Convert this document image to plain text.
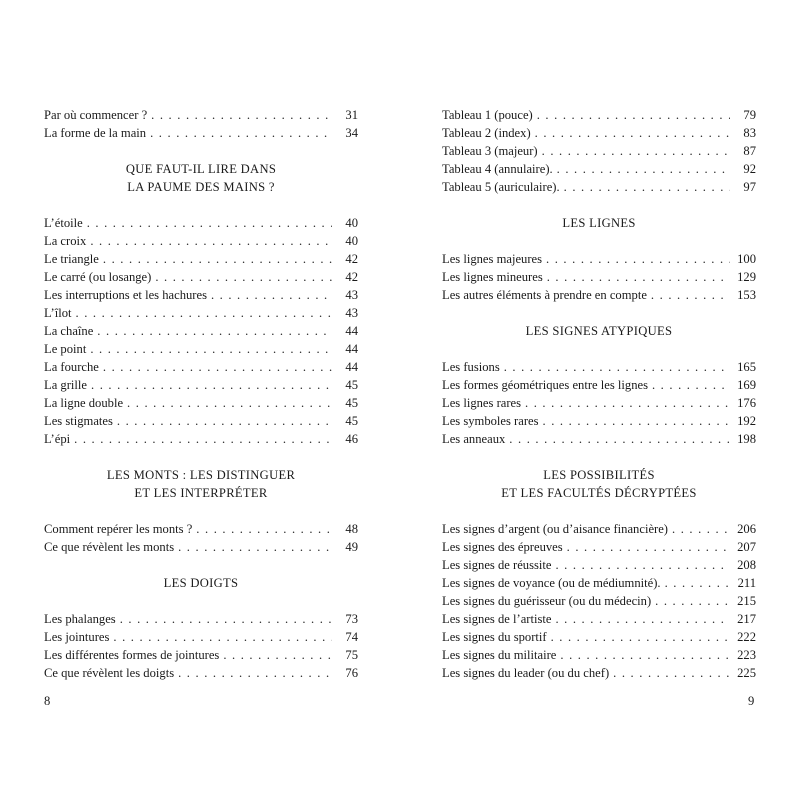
Par où commencer ? . . .	31
La forme de la main . . .	34
QUE FAUT-IL LIRE DANS
LA PAUME DES MAINS ?
L’étoile . . .	40
La croix . . .	40
Le triangle . . .	42
Le carré (ou losange) . . .	42
Les interruptions et les hachures . . .	43
L’îlot . . .	43
La chaîne . . .	44
Le point . . .	44
La fourche . . .	44
La grille . . .	45
La ligne double . . .	45
Les stigmates . . .	45
L’épi . . .	46
LES MONTS : LES DISTINGUER
ET LES INTERPRÉTER
Comment repérer les monts ? . . .	48
Ce que révèlent les monts . . .	49
LES DOIGTS
Les phalanges . . .	73
Les jointures . . .	74
Les différentes formes de jointures . . .	75
Ce que révèlent les doigts . . .	76
Tableau 1 (pouce) . . .	79
Tableau 2 (index) . . .	83
Tableau 3 (majeur) . . .	87
Tableau 4 (annulaire). . . .	92
Tableau 5 (auriculaire). . . .	97
LES LIGNES
Les lignes majeures . . .	100
Les lignes mineures . . .	129
Les autres éléments à prendre en compte . . .	153
LES SIGNES ATYPIQUES
Les fusions . . .	165
Les formes géométriques entre les lignes . . .	169
Les lignes rares . . .	176
Les symboles rares . . .	192
Les anneaux . . .	198
LES POSSIBILITÉS
ET LES FACULTÉS DÉCRYPTÉES
Les signes d’argent (ou d’aisance financière) . . .	206
Les signes des épreuves . . .	207
Les signes de réussite . . .	208
Les signes de voyance (ou de médiumnité). . . .	211
Les signes du guérisseur (ou du médecin) . . .	215
Les signes de l’artiste . . .	217
Les signes du sportif . . .	222
Les signes du militaire . . .	223
Les signes du leader (ou du chef) . . .	225
8	9
